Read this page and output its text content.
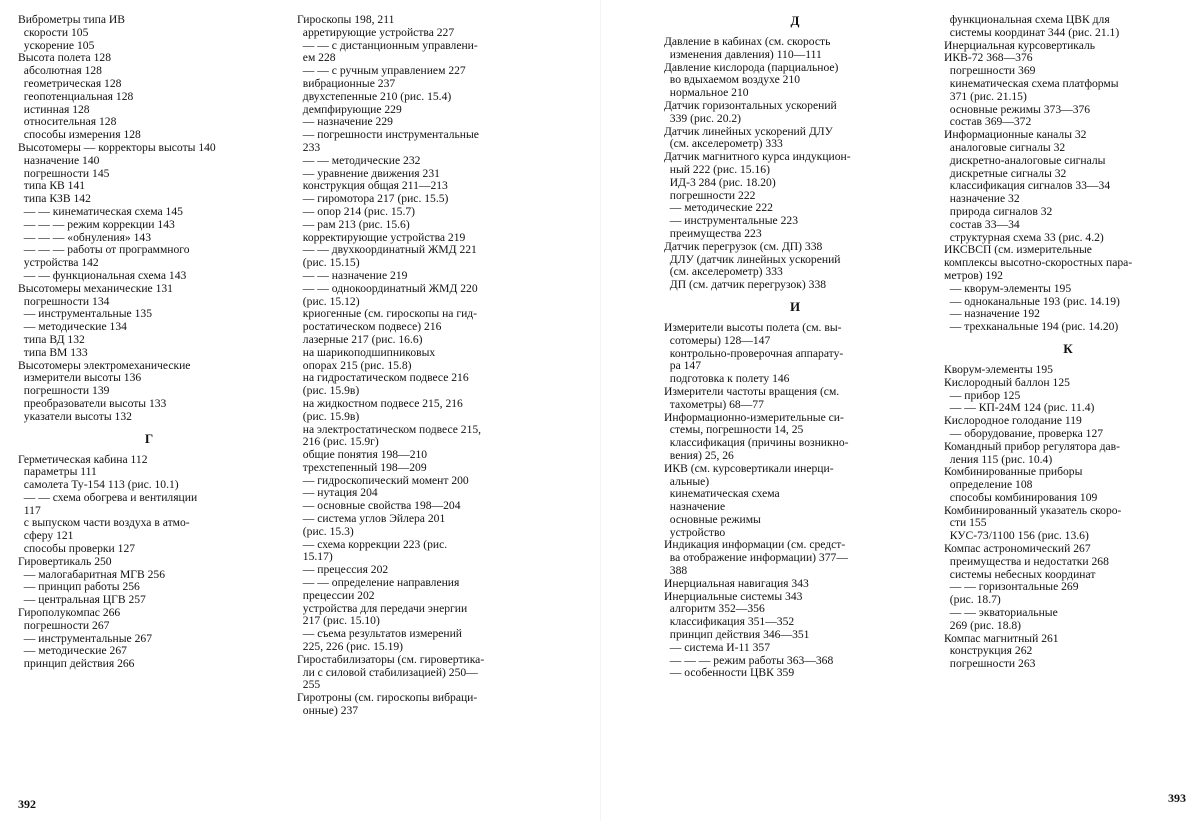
Виброметры типа ИВ
скорости 105
ускорение 105
Высота полета 128
абсолютная 128
геометрическая 128
геопотенциальная 128
истинная 128
относительная 128
способы измерения 128
Высотомеры — корректоры высоты 140
назначение 140
погрешности 145
типа КВ 141
типа КЗВ 142
— — кинематическая схема 145
— — — режим коррекции 143
— — — «обнуления» 143
— — — работы от программного
устройства 142
— — функциональная схема 143
Высотомеры механические 131
погрешности 134
— инструментальные 135
— методические 134
типа ВД 132
типа ВМ 133
Высотомеры электромеханические
измерители высоты 136
погрешности 139
преобразователи высоты 133
указатели высоты 132
Г
Герметическая кабина 112
параметры 111
самолета Ту-154 113 (рис. 10.1)
— — схема обогрева и вентиляции
117
с выпуском части воздуха в атмо-
сферу 121
способы проверки 127
Гировертикаль 250
— малогабаритная МГВ 256
— принцип работы 256
— центральная ЦГВ 257
Гирополукомпас 266
погрешности 267
— инструментальные 267
— методические 267
принцип действия 266
Гироскопы 198, 211
арретирующие устройства 227
— — с дистанционным управлени-
ем 228
— — с ручным управлением 227
вибрационные 237
двухстепенные 210 (рис. 15.4)
демпфирующие 229
— назначение 229
— погрешности инструментальные
233
— — методические 232
— уравнение движения 231
конструкция общая 211—213
— гиромотора 217 (рис. 15.5)
— опор 214 (рис. 15.7)
— рам 213 (рис. 15.6)
корректирующие устройства 219
— — двухкоординатный ЖМД 221
(рис. 15.15)
— — назначение 219
— — однокоординатный ЖМД 220
(рис. 15.12)
криогенные (см. гироскопы на гид-
ростатическом подвесе) 216
лазерные 217 (рис. 16.6)
на шарикоподшипниковых
опорах 215 (рис. 15.8)
на гидростатическом подвесе 216
(рис. 15.9в)
на жидкостном подвесе 215, 216
(рис. 15.9в)
на электростатическом подвесе 215,
216 (рис. 15.9г)
общие понятия 198—210
трехстепенный 198—209
— гидроскопический момент 200
— нутация 204
— основные свойства 198—204
— система углов Эйлера 201
(рис. 15.3)
— схема коррекции 223 (рис.
15.17)
— прецессия 202
— — определение направления
прецессии 202
устройства для передачи энергии
217 (рис. 15.10)
— съема результатов измерений
225, 226 (рис. 15.19)
Гиростабилизаторы (см. гировертика-
ли с силовой стабилизацией) 250—
255
Гиротроны (см. гироскопы вибраци-
онные) 237
Д
Давление в кабинах (см. скорость
изменения давления) 110—111
Давление кислорода (парциальное)
во вдыхаемом воздухе 210
нормальное 210
Датчик горизонтальных ускорений
339 (рис. 20.2)
Датчик линейных ускорений ДЛУ
(см. акселерометр) 333
Датчик магнитного курса индукцион-
ный 222 (рис. 15.16)
ИД-3 284 (рис. 18.20)
погрешности 222
— методические 222
— инструментальные 223
преимущества 223
Датчик перегрузок (см. ДП) 338
ДЛУ (датчик линейных ускорений
(см. акселерометр) 333
ДП (см. датчик перегрузок) 338
И
Измерители высоты полета (см. вы-
сотомеры) 128—147
контрольно-проверочная аппарату-
ра 147
подготовка к полету 146
Измерители частоты вращения (см.
тахометры) 68—77
Информационно-измерительные си-
стемы, погрешности 14, 25
классификация (причины возникно-
вения) 25, 26
ИКВ (см. курсовертикали инерци-
альные)
кинематическая схема
назначение
основные режимы
устройство
Индикация информации (см. средст-
ва отображение информации) 377—
388
Инерциальная навигация 343
Инерциальные системы 343
алгоритм 352—356
классификация 351—352
принцип действия 346—351
— система И-11 357
— — — режим работы 363—368
— особенности ЦВК 359
функциональная схема ЦВК для
системы координат 344 (рис. 21.1)
Инерциальная курсовертикаль
ИКВ-72 368—376
погрешности 369
кинематическая схема платформы
371 (рис. 21.15)
основные режимы 373—376
состав 369—372
Информационные каналы 32
аналоговые сигналы 32
дискретно-аналоговые сигналы
дискретные сигналы 32
классификация сигналов 33—34
назначение 32
природа сигналов 32
состав 33—34
структурная схема 33 (рис. 4.2)
ИКСВСП (см. измерительные
комплексы высотно-скоростных пара-
метров) 192
— кворум-элементы 195
— одноканальные 193 (рис. 14.19)
— назначение 192
— трехканальные 194 (рис. 14.20)
К
Кворум-элементы 195
Кислородный баллон 125
— прибор 125
— — КП-24М 124 (рис. 11.4)
Кислородное голодание 119
— оборудование, проверка 127
Командный прибор регулятора дав-
ления 115 (рис. 10.4)
Комбинированные приборы
определение 108
способы комбинирования 109
Комбинированный указатель скоро-
сти 155
КУС-73/1100 156 (рис. 13.6)
Компас астрономический 267
преимущества и недостатки 268
системы небесных координат
— — горизонтальные 269
(рис. 18.7)
— — экваториальные
269 (рис. 18.8)
Компас магнитный 261
конструкция 262
погрешности 263
392	393
